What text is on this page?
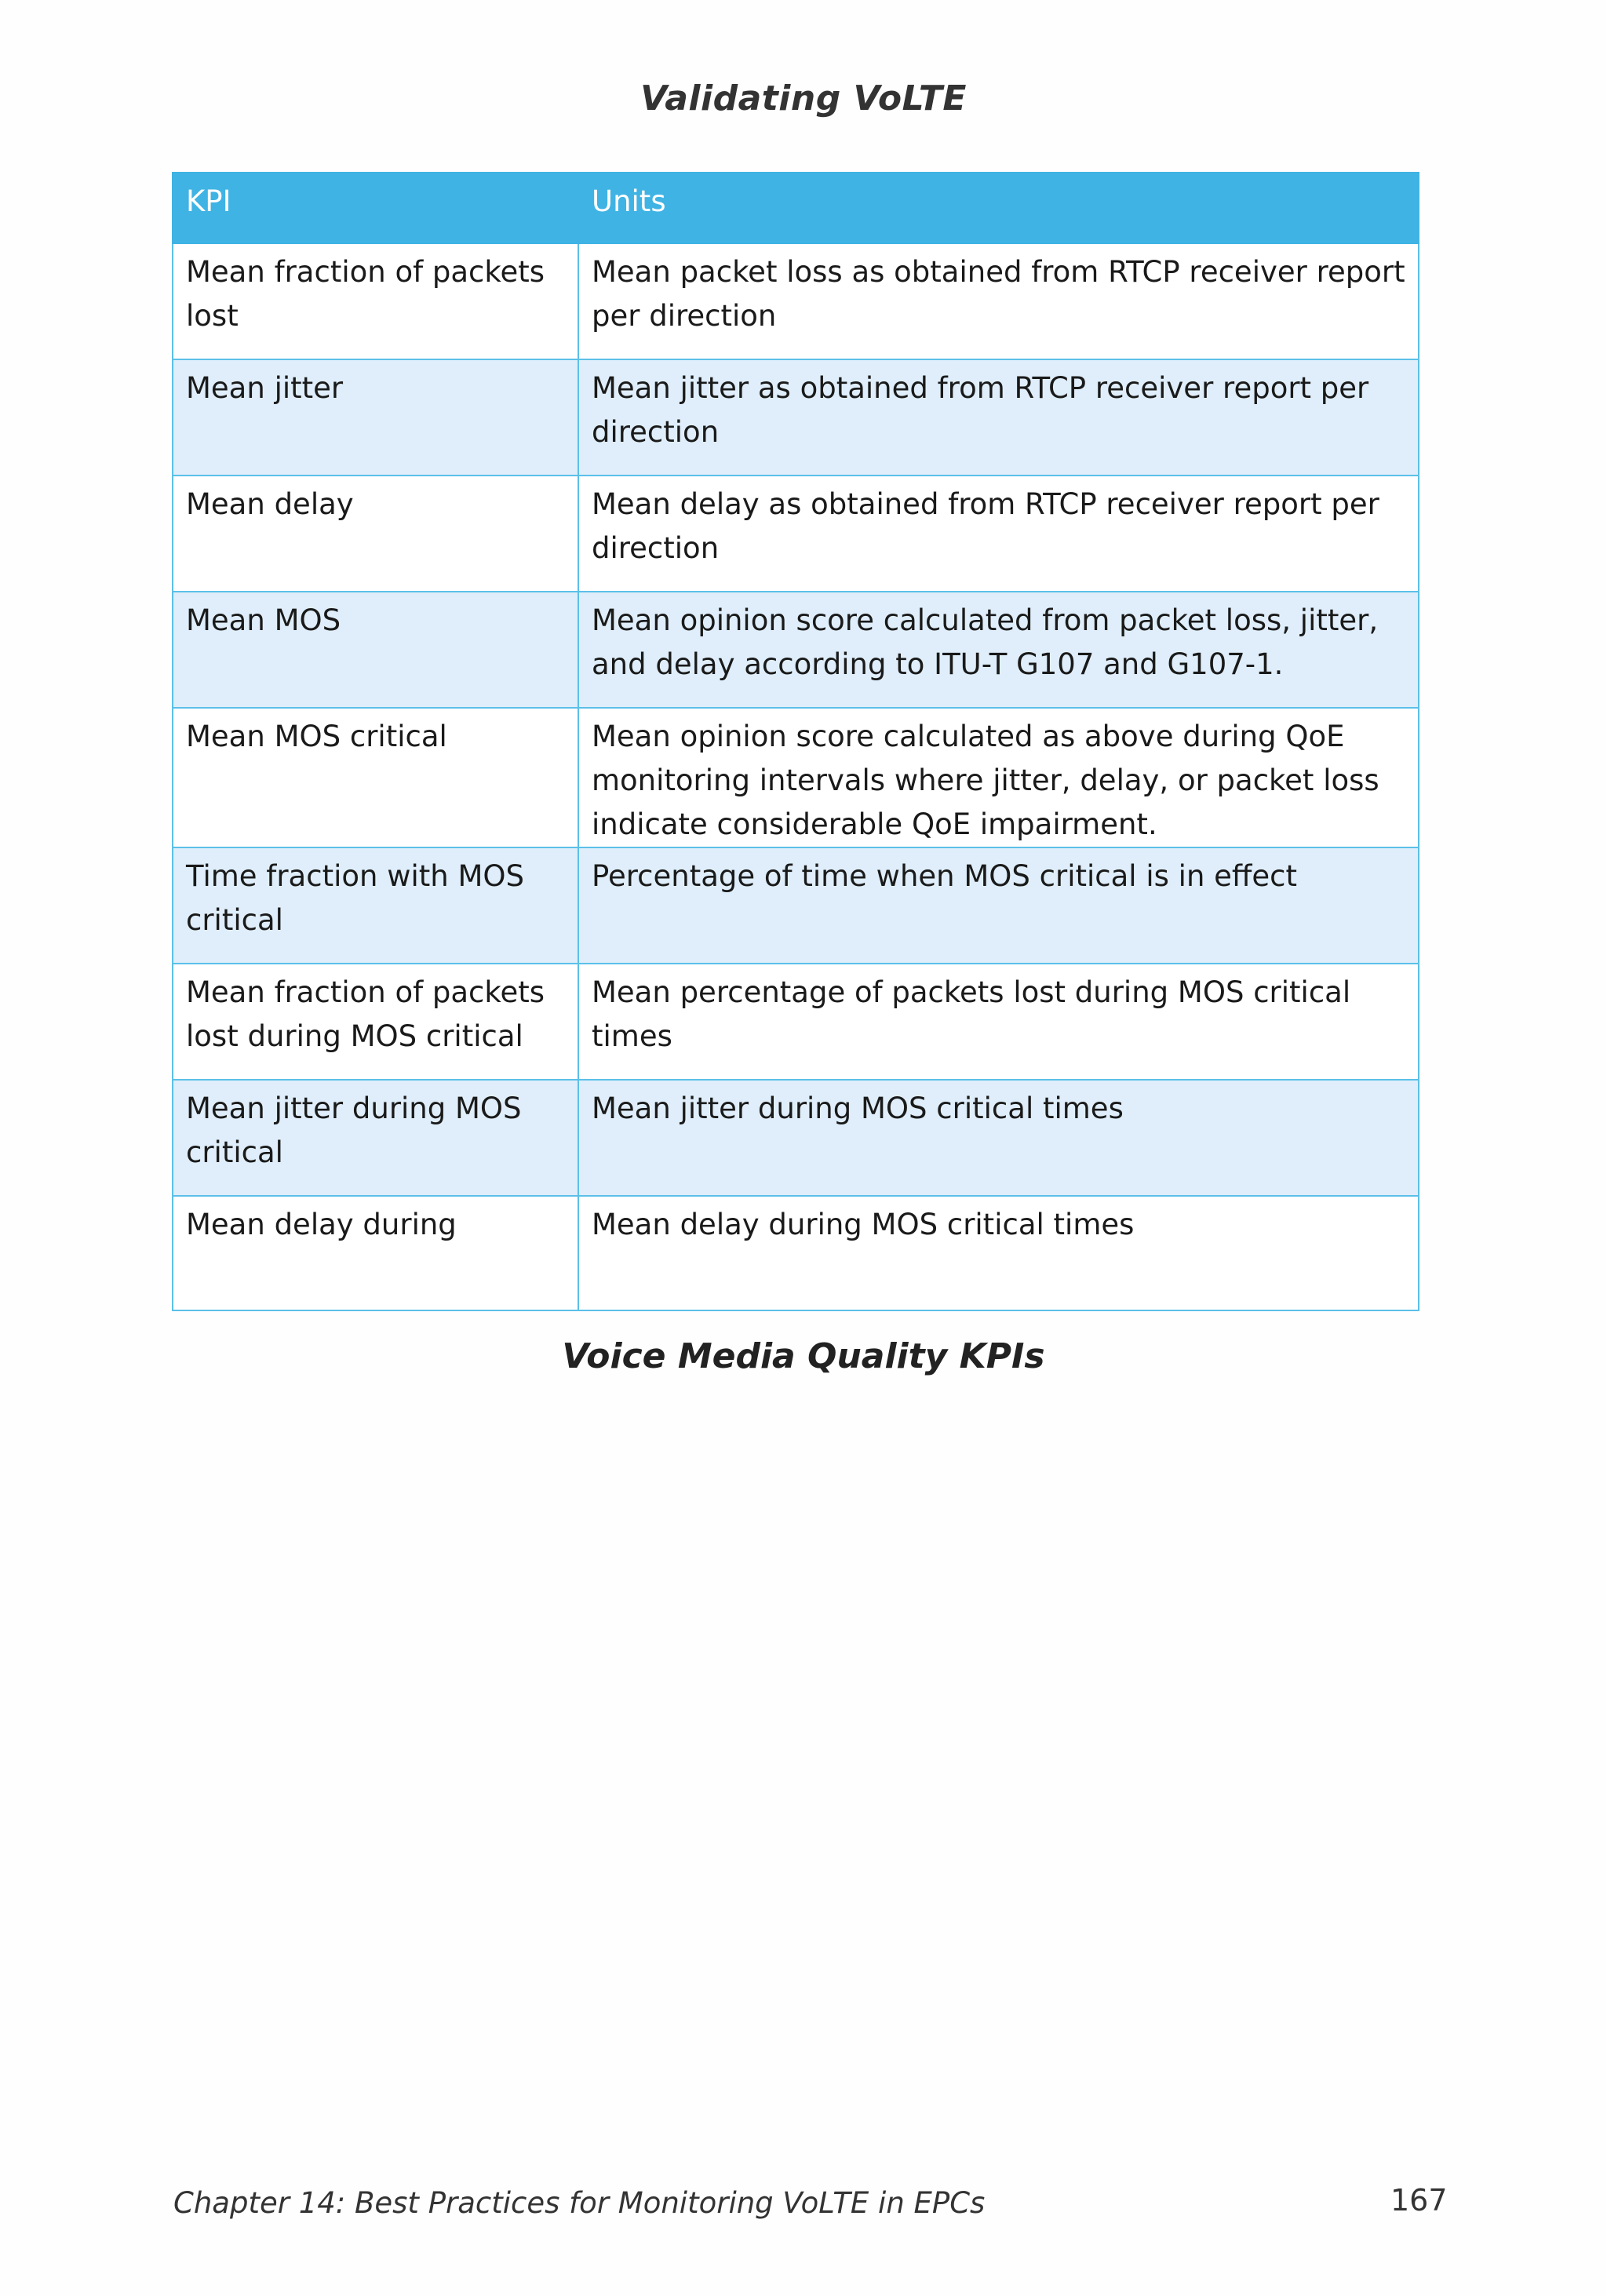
Validating VoLTE
KPI	Units
Mean fraction of packets lost	Mean packet loss as obtained from RTCP receiver report per direction
Mean jitter	Mean jitter as obtained from RTCP receiver report per direction
Mean delay	Mean delay as obtained from RTCP receiver report per direction
Mean MOS	Mean opinion score calculated from packet loss, jitter, and delay according to ITU-T G107 and G107-1.
Mean MOS critical	Mean opinion score calculated as above during QoE monitoring intervals where jitter, delay, or packet loss indicate considerable QoE impairment.
Time fraction with MOS critical	Percentage of time when MOS critical is in effect
Mean fraction of packets lost during MOS critical	Mean percentage of packets lost during MOS critical times
Mean jitter during MOS critical	Mean jitter during MOS critical times
Mean delay during	Mean delay during MOS critical times
Voice Media Quality KPIs
Chapter 14: Best Practices for Monitoring VoLTE in EPCs	167
